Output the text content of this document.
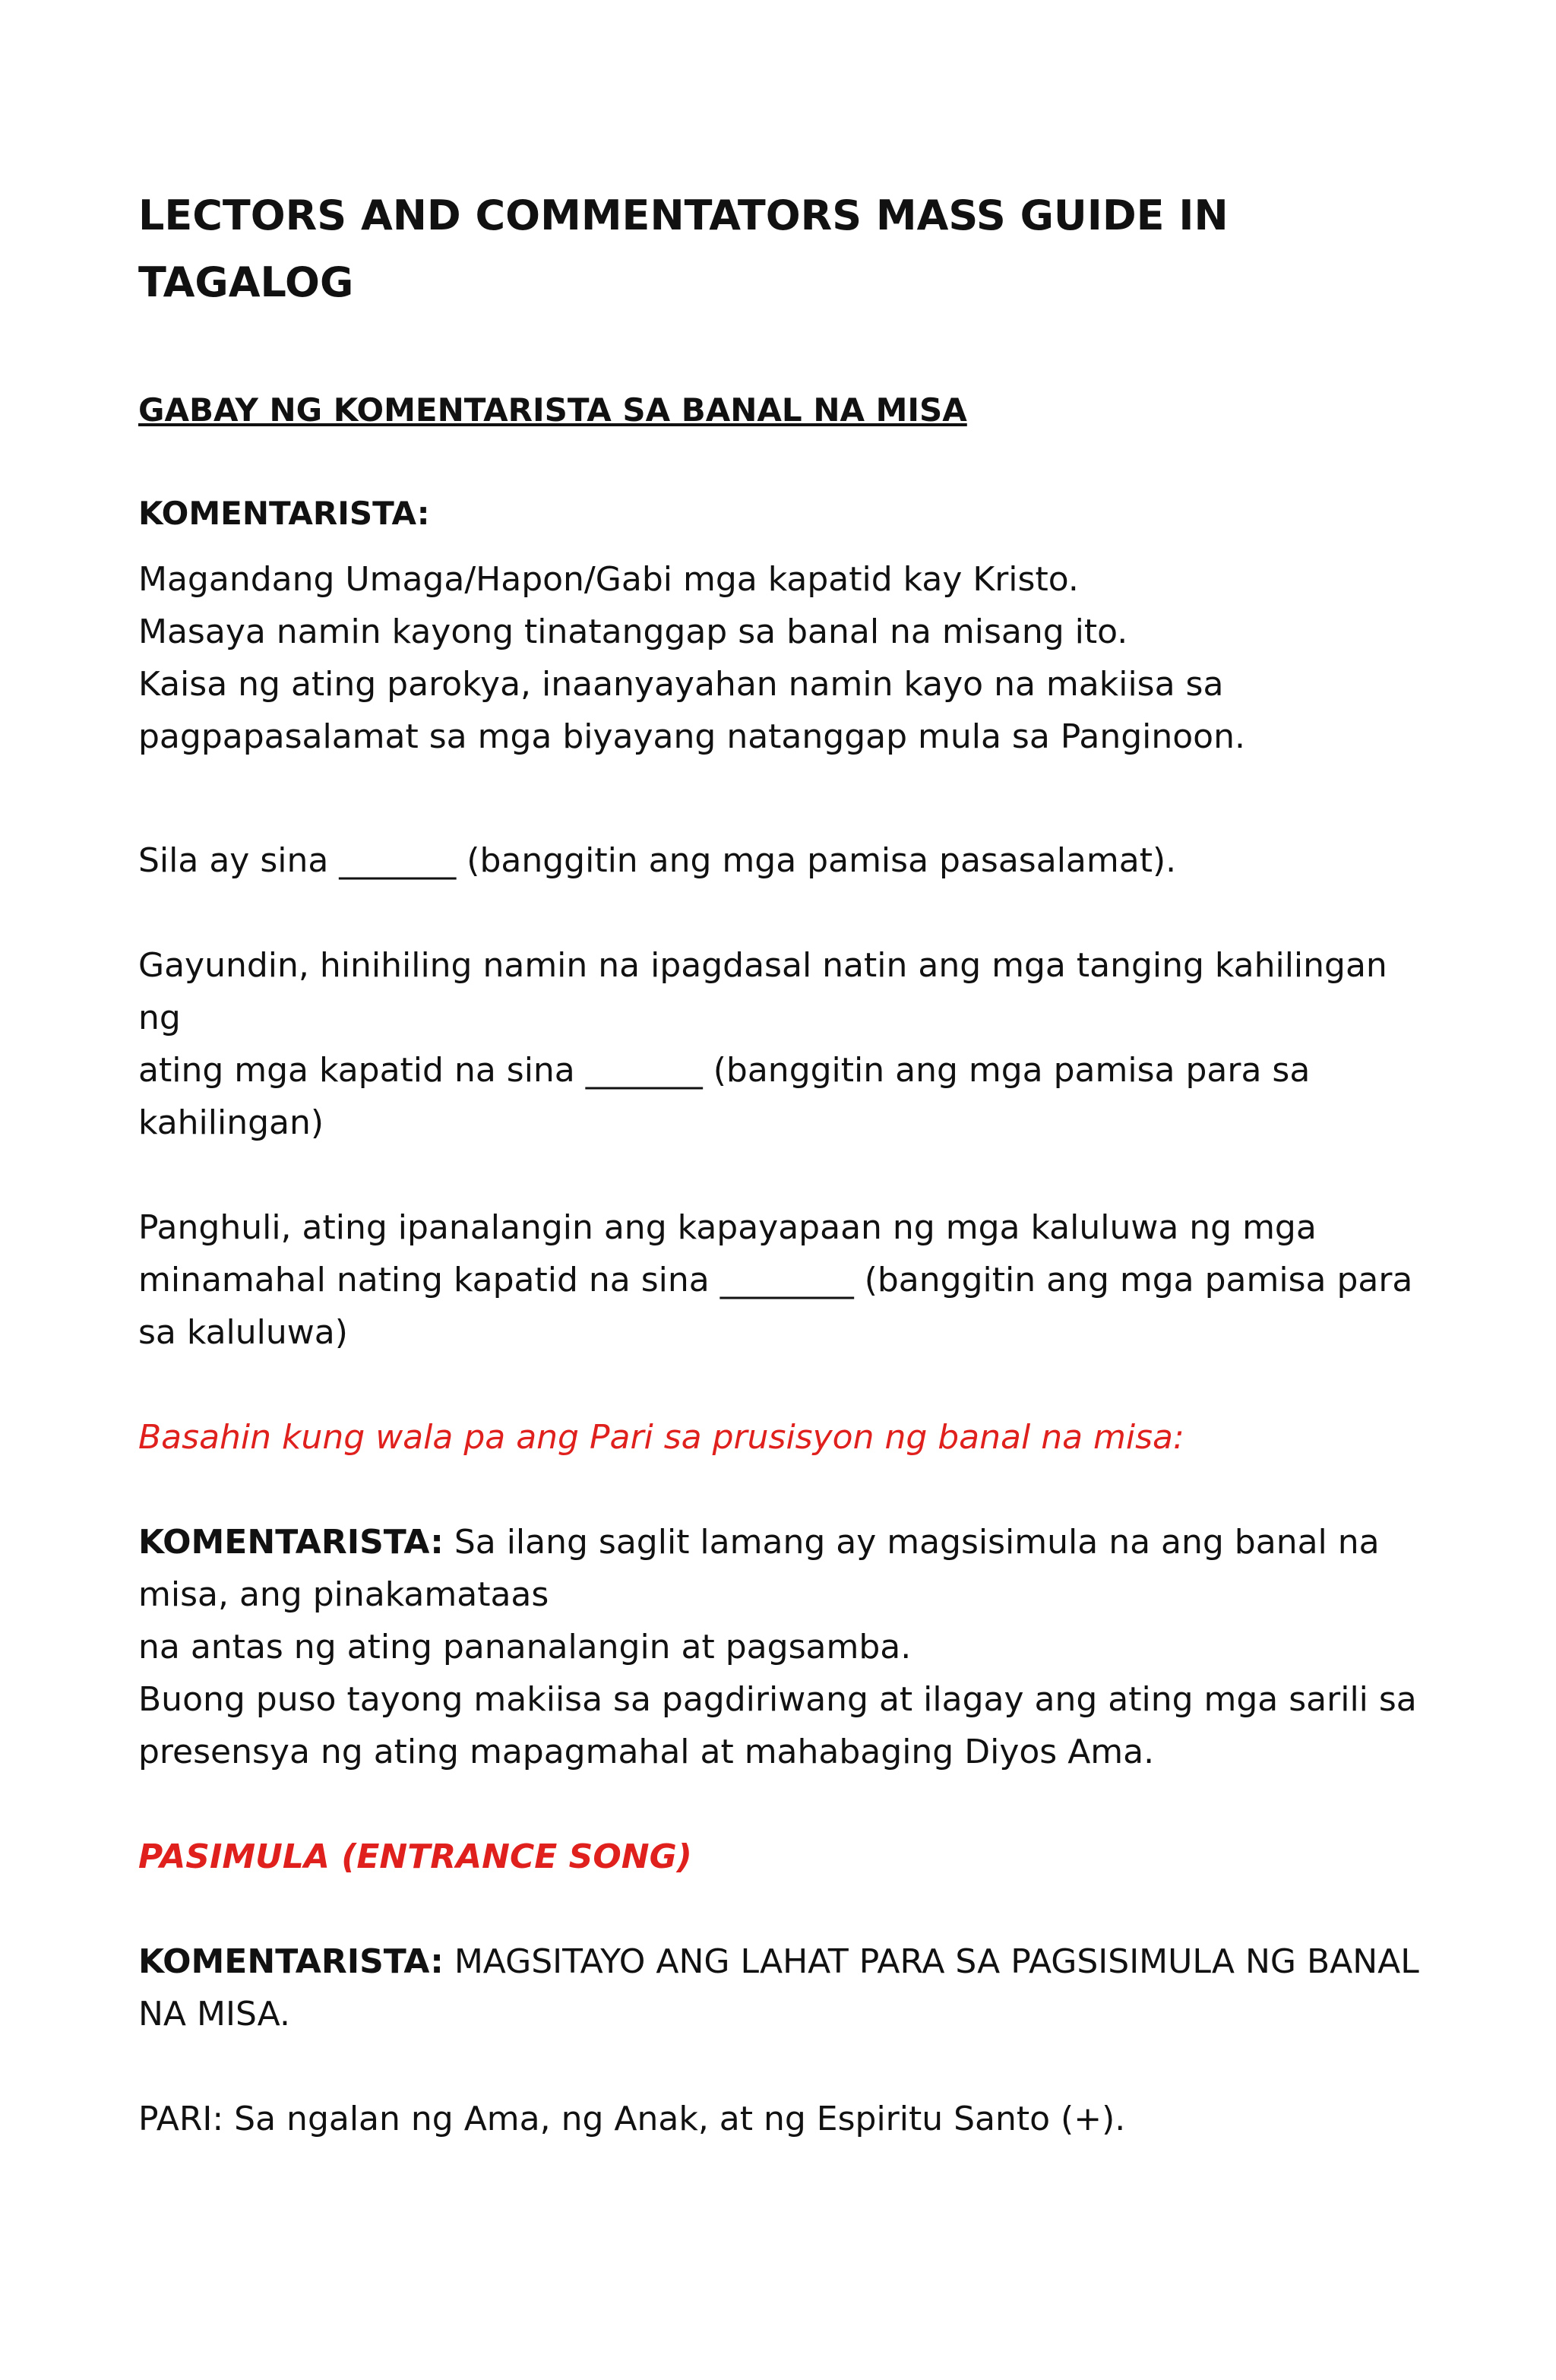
LECTORS AND COMMENTATORS MASS GUIDE IN
TAGALOG

GABAY NG KOMENTARISTA SA BANAL NA MISA

KOMENTARISTA:

Magandang Umaga/Hapon/Gabi mga kapatid kay Kristo.
Masaya namin kayong tinatanggap sa banal na misang ito.
Kaisa ng ating parokya, inaanyayahan namin kayo na makiisa sa
pagpapasalamat sa mga biyayang natanggap mula sa Panginoon.

Sila ay sina _______ (banggitin ang mga pamisa pasasalamat).

Gayundin, hinihiling namin na ipagdasal natin ang mga tanging kahilingan
ng
ating mga kapatid na sina _______ (banggitin ang mga pamisa para sa
kahilingan)

Panghuli, ating ipanalangin ang kapayapaan ng mga kaluluwa ng mga
minamahal nating kapatid na sina ________ (banggitin ang mga pamisa para
sa kaluluwa)

Basahin kung wala pa ang Pari sa prusisyon ng banal na misa:

KOMENTARISTA: Sa ilang saglit lamang ay magsisimula na ang banal na
misa, ang pinakamataas
na antas ng ating pananalangin at pagsamba.
Buong puso tayong makiisa sa pagdiriwang at ilagay ang ating mga sarili sa
presensya ng ating mapagmahal at mahabaging Diyos Ama.

PASIMULA (ENTRANCE SONG)

KOMENTARISTA: MAGSITAYO ANG LAHAT PARA SA PAGSISIMULA NG BANAL
NA MISA.

PARI: Sa ngalan ng Ama, ng Anak, at ng Espiritu Santo (+).
